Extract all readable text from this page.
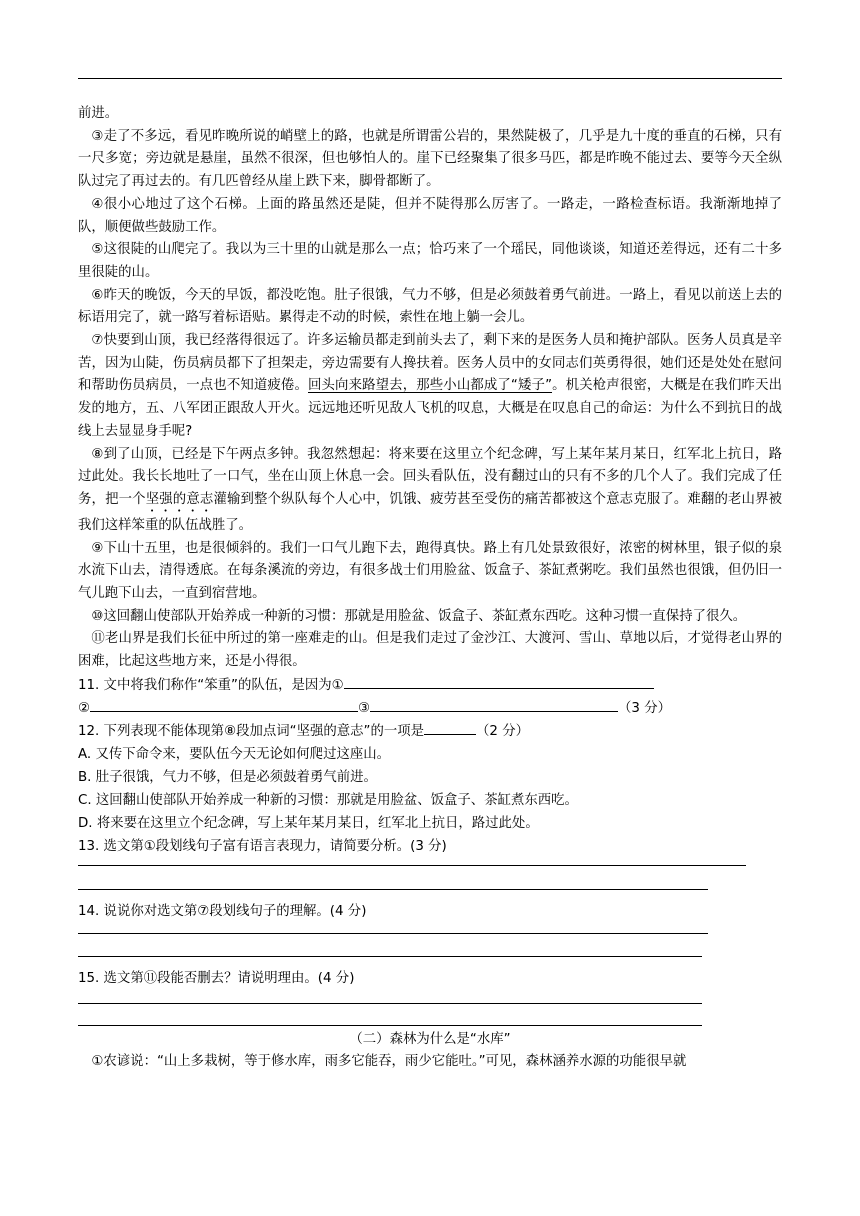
前进。

③走了不多远，看见昨晚所说的峭壁上的路，也就是所谓雷公岩的，果然陡极了，几乎是九十度的垂直的石梯，只有一尺多宽；旁边就是悬崖，虽然不很深，但也够怕人的。崖下已经聚集了很多马匹，都是昨晚不能过去、要等今天全纵队过完了再过去的。有几匹曾经从崖上跌下来，脚骨都断了。

④很小心地过了这个石梯。上面的路虽然还是陡，但并不陡得那么厉害了。一路走，一路检查标语。我渐渐地掉了队，顺便做些鼓励工作。

⑤这很陡的山爬完了。我以为三十里的山就是那么一点；恰巧来了一个瑶民，同他谈谈，知道还差得远，还有二十多里很陡的山。

⑥昨天的晚饭，今天的早饭，都没吃饱。肚子很饿，气力不够，但是必须鼓着勇气前进。一路上，看见以前送上去的标语用完了，就一路写着标语贴。累得走不动的时候，索性在地上躺一会儿。

⑦快要到山顶，我已经落得很远了。许多运输员都走到前头去了，剩下来的是医务人员和掩护部队。医务人员真是辛苦，因为山陡，伤员病员都下了担架走，旁边需要有人搀扶着。医务人员中的女同志们英勇得很，她们还是处处在慰问和帮助伤员病员，一点也不知道疲倦。回头向来路望去，那些小山都成了“矮子”。机关枪声很密，大概是在我们昨天出发的地方，五、八军团正跟敌人开火。远远地还听见敌人飞机的叹息，大概是在叹息自己的命运：为什么不到抗日的战线上去显显身手呢?

⑧到了山顶，已经是下午两点多钟。我忽然想起：将来要在这里立个纪念碑，写上某年某月某日，红军北上抗日，路过此处。我长长地吐了一口气，坐在山顶上休息一会。回头看队伍，没有翻过山的只有不多的几个人了。我们完成了任务，把一个坚强的意志灌输到整个纵队每个人心中，饥饿、疲劳甚至受伤的痛苦都被这个意志克服了。难翻的老山界被我们这样笨重的队伍战胜了。

⑨下山十五里，也是很倾斜的。我们一口气儿跑下去，跑得真快。路上有几处景致很好，浓密的树林里，银子似的泉水流下山去，清得透底。在每条溪流的旁边，有很多战士们用脸盆、饭盒子、茶缸煮粥吃。我们虽然也很饿，但仍旧一气儿跑下山去，一直到宿营地。

⑩这回翻山使部队开始养成一种新的习惯：那就是用脸盆、饭盒子、茶缸煮东西吃。这种习惯一直保持了很久。

⑪老山界是我们长征中所过的第一座难走的山。但是我们走过了金沙江、大渡河、雪山、草地以后，才觉得老山界的困难，比起这些地方来，还是小得很。

11. 文中将我们称作“笨重”的队伍，是因为①

②	③	（3 分）

12. 下列表现不能体现第⑧段加点词“坚强的意志”的一项是	（2 分）

A. 又传下命令来，要队伍今天无论如何爬过这座山。

B. 肚子很饿，气力不够，但是必须鼓着勇气前进。

C. 这回翻山使部队开始养成一种新的习惯：那就是用脸盆、饭盒子、茶缸煮东西吃。

D. 将来要在这里立个纪念碑，写上某年某月某日，红军北上抗日，路过此处。

13. 选文第①段划线句子富有语言表现力，请简要分析。(3 分)

14. 说说你对选文第⑦段划线句子的理解。(4 分)

15. 选文第⑪段能否删去？请说明理由。(4 分)

（二）森林为什么是“水库”

①农谚说：“山上多栽树，等于修水库，雨多它能吞，雨少它能吐。”可见，森林涵养水源的功能很早就
